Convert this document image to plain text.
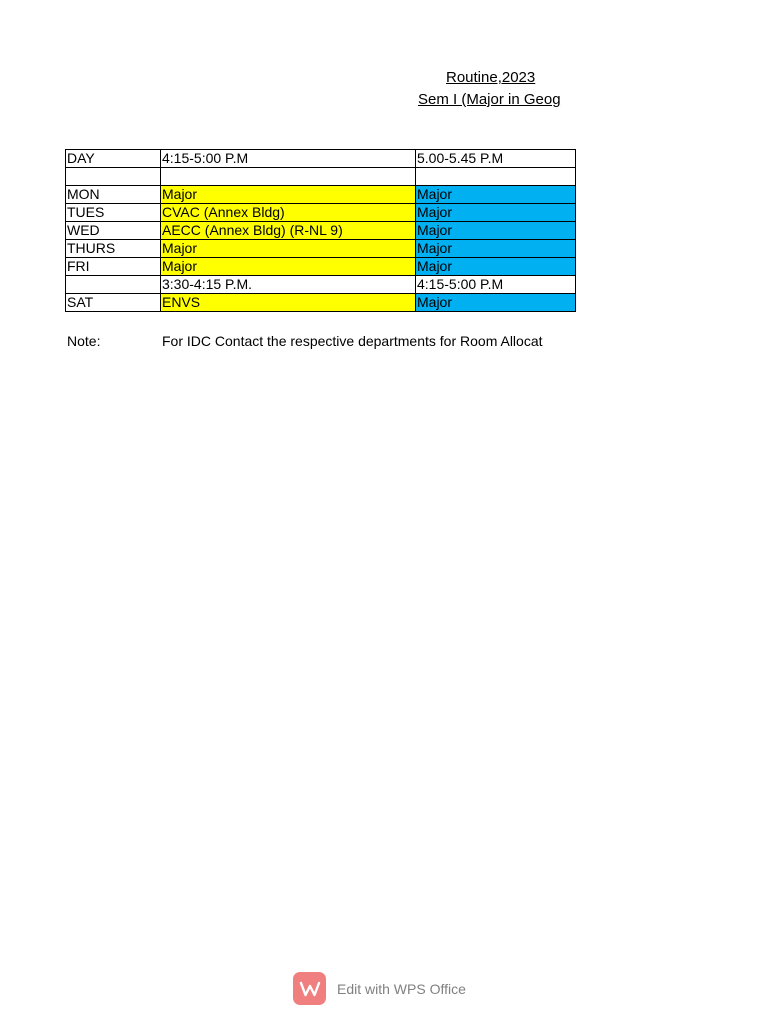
Routine,2023
Sem I (Major in Geog
DAY	4:15-5:00 P.M	5.00-5.45 P.M

MON	Major	Major
TUES	CVAC (Annex Bldg)	Major
WED	AECC (Annex Bldg) (R-NL 9)	Major
THURS	Major	Major
FRI	Major	Major
	3:30-4:15 P.M.	4:15-5:00 P.M
SAT	ENVS	Major
Note:	For IDC Contact the respective departments for Room Allocat
Edit with WPS Office
